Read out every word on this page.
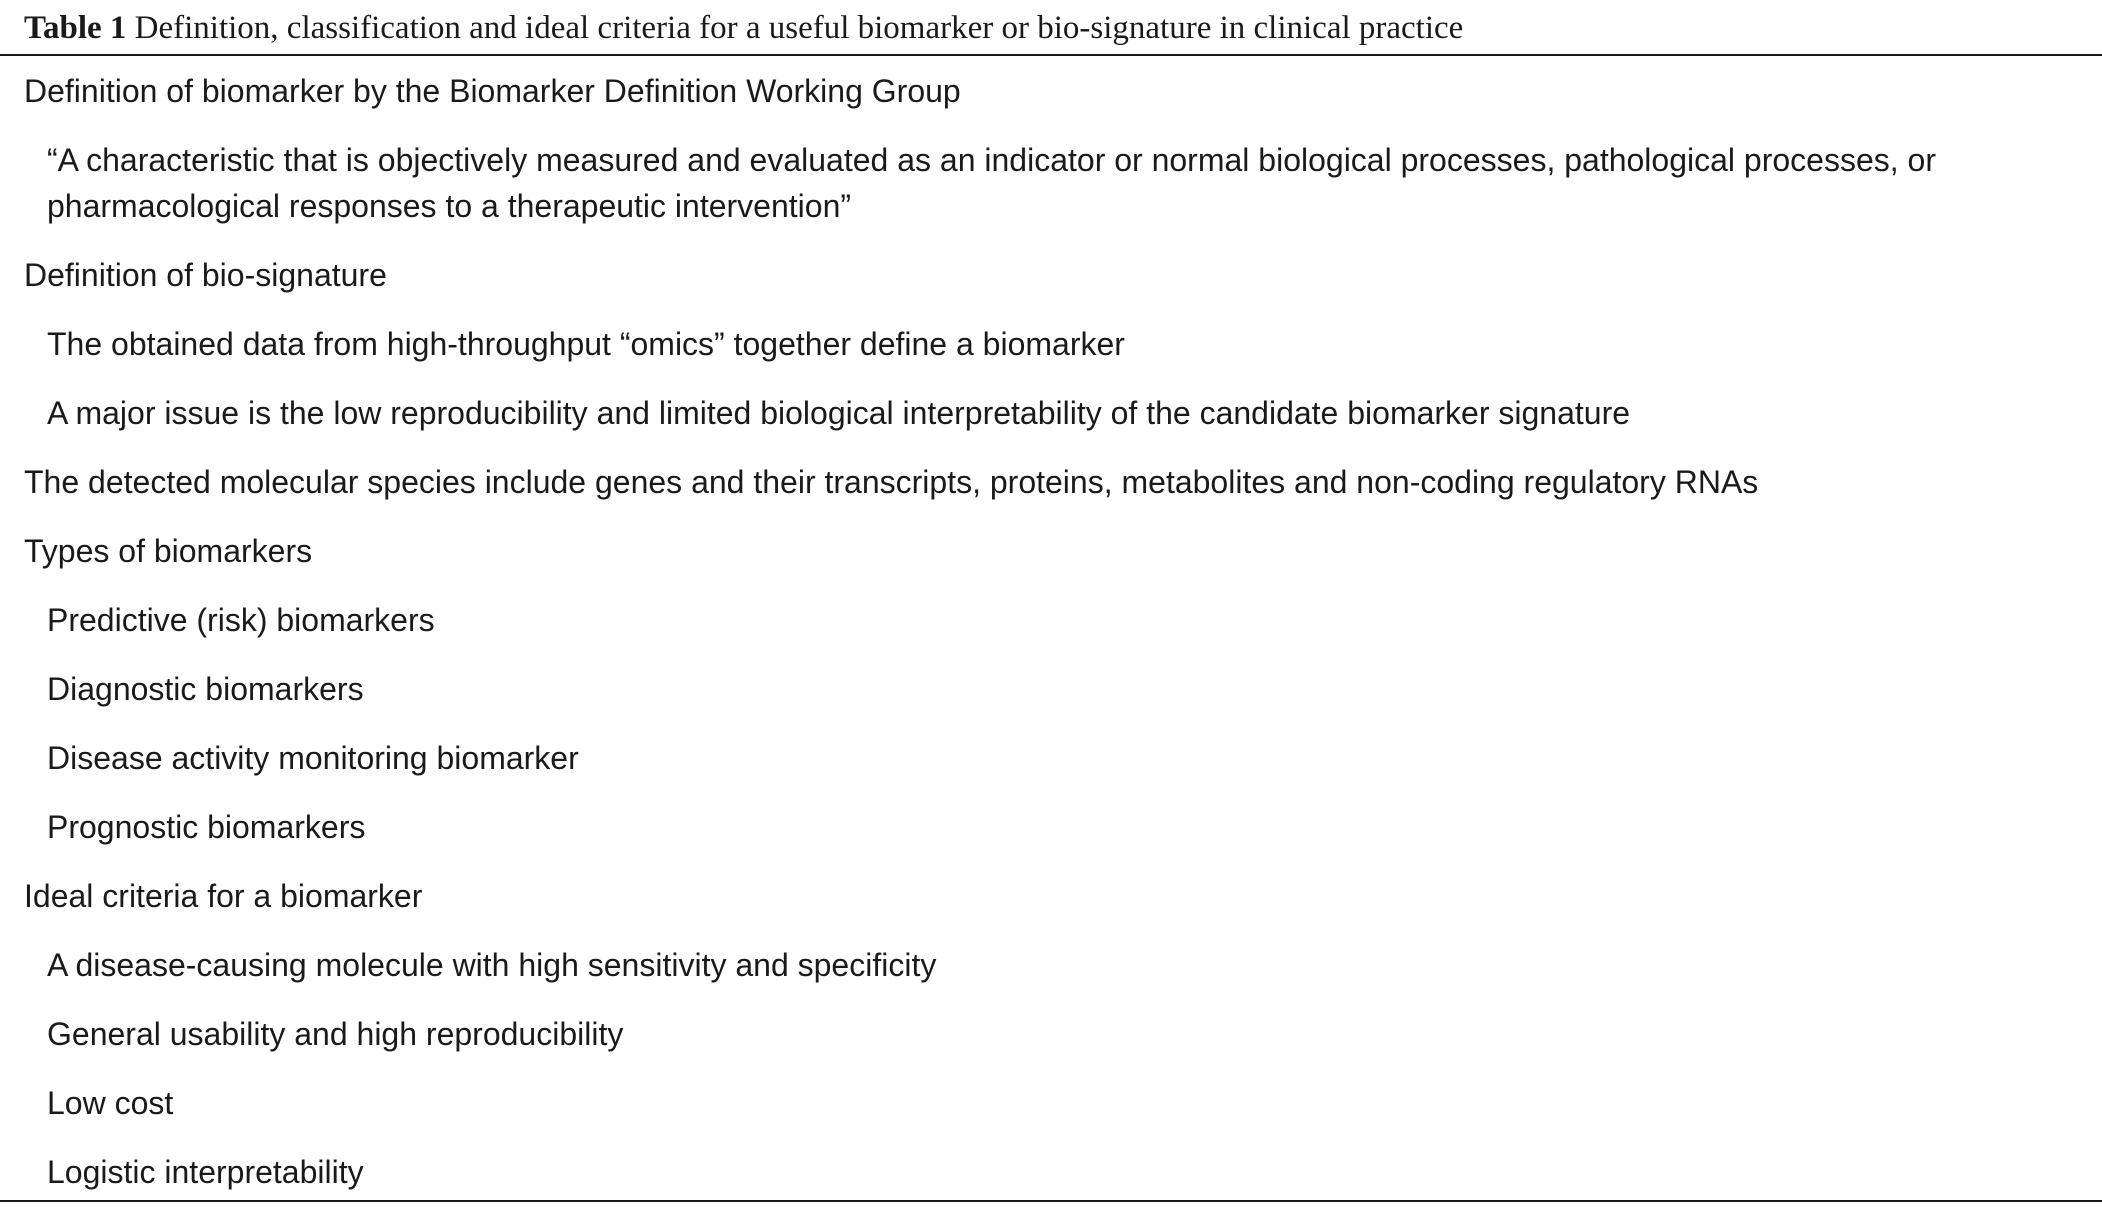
Table 1 Definition, classification and ideal criteria for a useful biomarker or bio-signature in clinical practice
Definition of biomarker by the Biomarker Definition Working Group
“A characteristic that is objectively measured and evaluated as an indicator or normal biological processes, pathological processes, or pharmacological responses to a therapeutic intervention”
Definition of bio-signature
The obtained data from high-throughput “omics” together define a biomarker
A major issue is the low reproducibility and limited biological interpretability of the candidate biomarker signature
The detected molecular species include genes and their transcripts, proteins, metabolites and non-coding regulatory RNAs
Types of biomarkers
Predictive (risk) biomarkers
Diagnostic biomarkers
Disease activity monitoring biomarker
Prognostic biomarkers
Ideal criteria for a biomarker
A disease-causing molecule with high sensitivity and specificity
General usability and high reproducibility
Low cost
Logistic interpretability
